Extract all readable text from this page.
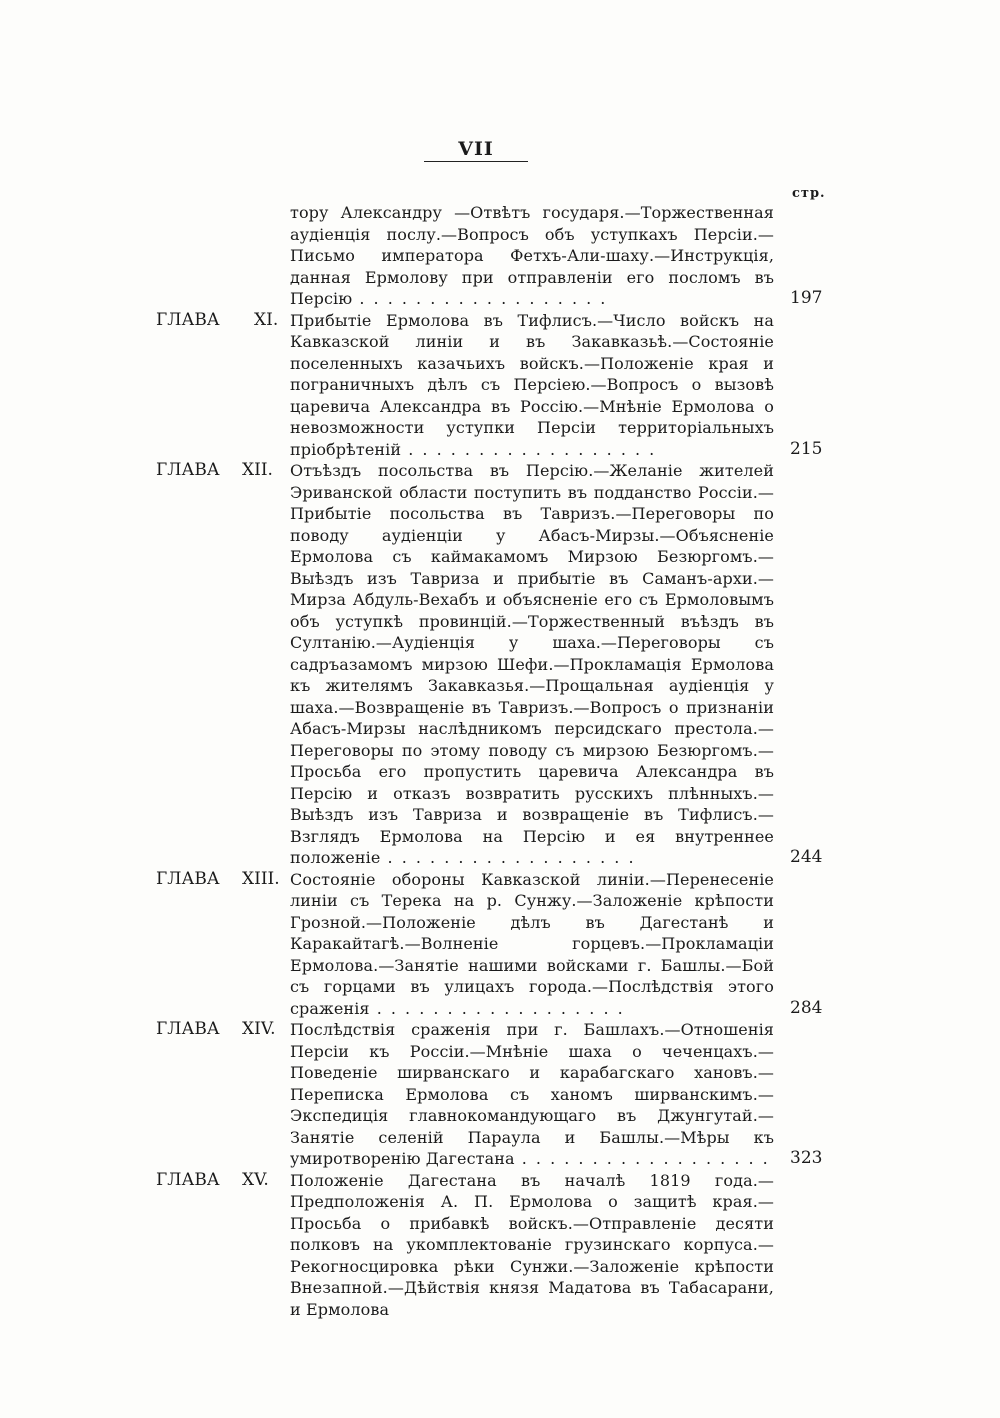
VII
стр.
тору Александру —Отвѣтъ государя.—Торжественная аудіенція послу.—Вопросъ объ уступкахъ Персіи.—Письмо императора Фетхъ-Али-шаху.—Инструкція, данная Ермолову при отправленіи его посломъ въ Персію . . .	197
ГЛАВА XI. Прибытіе Ермолова въ Тифлисъ.—Число войскъ на Кавказской линіи и въ Закавказьѣ.—Состояніе поселенныхъ казачьихъ войскъ.—Положеніе края и пограничныхъ дѣлъ съ Персіею.—Вопросъ о вызовѣ царевича Александра въ Россію.—Мнѣніе Ермолова о невозможности уступки Персіи территоріальныхъ пріобрѣтеній . . .	215
ГЛАВА XII. Отъѣздъ посольства въ Персію.—Желаніе жителей Эриванской области поступить въ подданство Россіи.—Прибытіе посольства въ Тавризъ.—Переговоры по поводу аудіенціи у Абасъ-Мирзы.—Объясненіе Ермолова съ каймакамомъ Мирзою Безюргомъ.—Выѣздъ изъ Тавриза и прибытіе въ Саманъ-архи.—Мирза Абдуль-Вехабъ и объясненіе его съ Ермоловымъ объ уступкѣ провинцій.—Торжественный въѣздъ въ Султанію.—Аудіенція у шаха.—Переговоры съ садръазамомъ мирзою Шефи.—Прокламація Ермолова къ жителямъ Закавказья.—Прощальная аудіенція у шаха.—Возвращеніе въ Тавризъ.—Вопросъ о признаніи Абасъ-Мирзы наслѣдникомъ персидскаго престола.—Переговоры по этому поводу съ мирзою Безюргомъ.—Просьба его пропустить царевича Александра въ Персію и отказъ возвратить русскихъ плѣнныхъ.—Выѣздъ изъ Тавриза и возвращеніе въ Тифлисъ.—Взглядъ Ермолова на Персію и ея внутреннее положеніе . . .	244
ГЛАВА XIII. Состояніе обороны Кавказской линіи.—Перенесеніе линіи съ Терека на р. Сунжу.—Заложеніе крѣпости Грозной.—Положеніе дѣлъ въ Дагестанѣ и Каракайтагѣ.—Волненіе горцевъ.—Прокламаціи Ермолова.—Занятіе нашими войсками г. Башлы.—Бой съ горцами въ улицахъ города.—Послѣдствія этого сраженія . . .	284
ГЛАВА XIV. Послѣдствія сраженія при г. Башлахъ.—Отношенія Персіи къ Россіи.—Мнѣніе шаха о чеченцахъ.—Поведеніе ширванскаго и карабагскаго хановъ.—Переписка Ермолова съ ханомъ ширванскимъ.—Экспедиція главнокомандующаго въ Джунгутай.—Занятіе селеній Параула и Башлы.—Мѣры къ умиротворенію Дагестана . . .	323
ГЛАВА XV. Положеніе Дагестана въ началѣ 1819 года.—Предположенія А. П. Ермолова о защитѣ края.—Просьба о прибавкѣ войскъ.—Отправленіе десяти полковъ на укомплектованіе грузинскаго корпуса.—Рекогносцировка рѣки Сунжи.—Заложеніе крѣпости Внезапной.—Дѣйствія князя Мадатова въ Табасарани, и Ермолова
